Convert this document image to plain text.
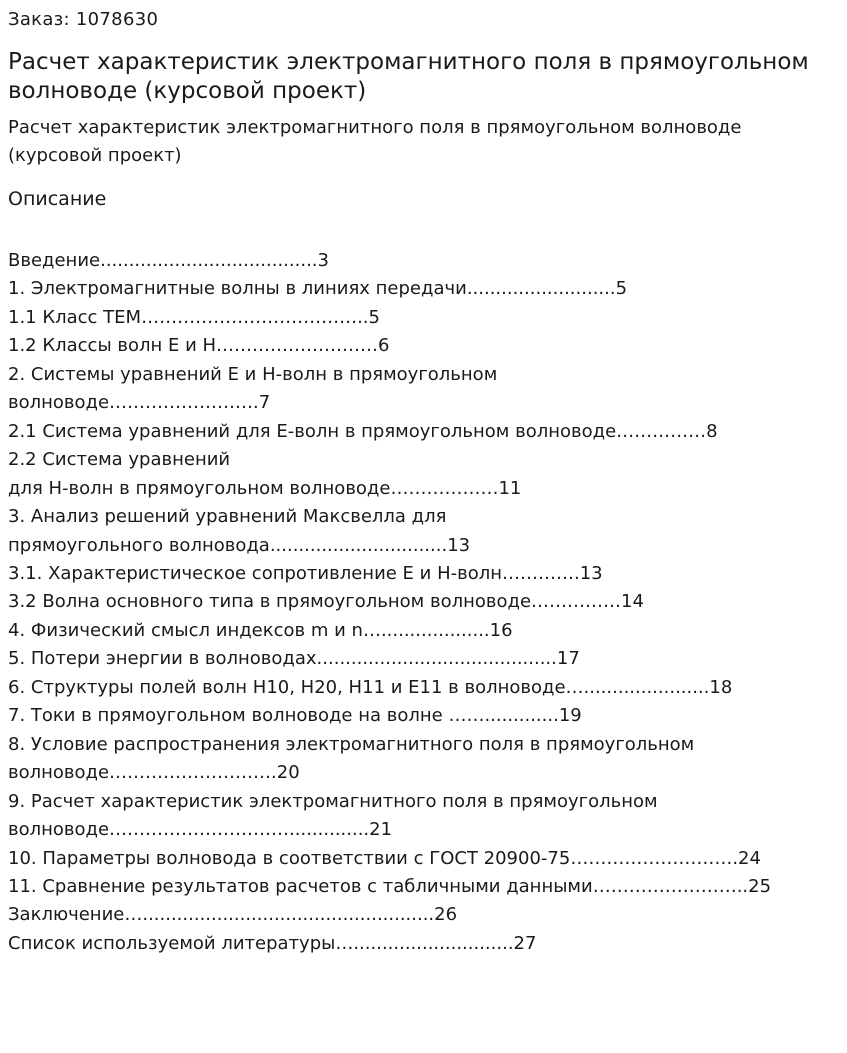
Заказ: 1078630
Расчет характеристик электромагнитного поля в прямоугольном волноводе (курсовой проект)

Расчет характеристик электромагнитного поля в прямоугольном волноводе (курсовой проект)

Описание
Введение......................................3
1. Электромагнитные волны в линиях передачи..........................5
1.1 Класс ТЕМ………………………………..5
1.2 Классы волн Е и Н………………………6
2. Системы уравнений Е и Н-волн в прямоугольном
волноводе…………………….7
2.1 Система уравнений для Е-волн в прямоугольном волноводе……………8
2.2 Система уравнений
для Н-волн в прямоугольном волноводе………………11
3. Анализ решений уравнений Максвелла для
прямоугольного волновода...............................13
3.1. Характеристическое сопротивление Е и Н-волн………….13
3.2 Волна основного типа в прямоугольном волноводе……………14
4. Физический смысл индексов m и n…...................16
5. Потери энергии в волноводах..........................................17
6. Структуры полей волн Н10, Н20, Н11 и Е11 в волноводе…......................18
7. Токи в прямоугольном волноводе на волне …….............19
8. Условие распространения электромагнитного поля в прямоугольном
волноводе……………………….20
9. Расчет характеристик электромагнитного поля в прямоугольном
волноводе…………………………..............21
10. Параметры волновода в соответствии с ГОСТ 20900-75……………………….24
11. Сравнение результатов расчетов с табличными данными……………………..25
Заключение…...................................................26
Список используемой литературы…............................27
